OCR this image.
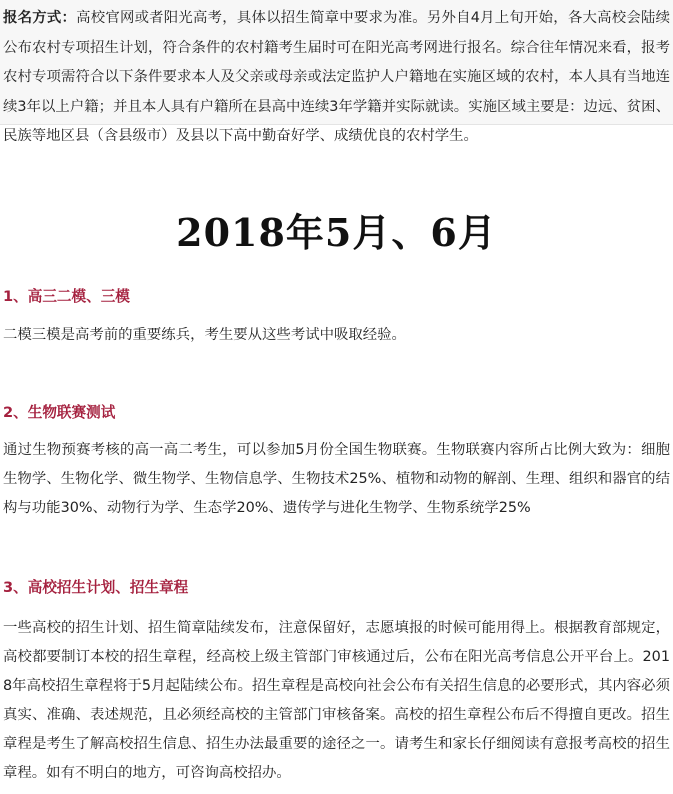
报名方式：高校官网或者阳光高考，具体以招生简章中要求为准。另外自4月上旬开始，各大高校会陆续公布农村专项招生计划，符合条件的农村籍考生届时可在阳光高考网进行报名。综合往年情况来看，报考农村专项需符合以下条件要求本人及父亲或母亲或法定监护人户籍地在实施区域的农村，本人具有当地连续3年以上户籍；并且本人具有户籍所在县高中连续3年学籍并实际就读。实施区域主要是：边远、贫困、民族等地区县（含县级市）及县以下高中勤奋好学、成绩优良的农村学生。

2018年5月、6月
1、高三二模、三模

二模三模是高考前的重要练兵，考生要从这些考试中吸取经验。

2、生物联赛测试

通过生物预赛考核的高一高二考生，可以参加5月份全国生物联赛。生物联赛内容所占比例大致为：细胞生物学、生物化学、微生物学、生物信息学、生物技术25%、植物和动物的解剖、生理、组织和器官的结构与功能30%、动物行为学、生态学20%、遗传学与进化生物学、生物系统学25%

3、高校招生计划、招生章程

一些高校的招生计划、招生简章陆续发布，注意保留好，志愿填报的时候可能用得上。根据教育部规定，高校都要制订本校的招生章程，经高校上级主管部门审核通过后，公布在阳光高考信息公开平台上。2018年高校招生章程将于5月起陆续公布。招生章程是高校向社会公布有关招生信息的必要形式，其内容必须真实、准确、表述规范，且必须经高校的主管部门审核备案。高校的招生章程公布后不得擅自更改。招生章程是考生了解高校招生信息、招生办法最重要的途径之一。请考生和家长仔细阅读有意报考高校的招生章程。如有不明白的地方，可咨询高校招办。
